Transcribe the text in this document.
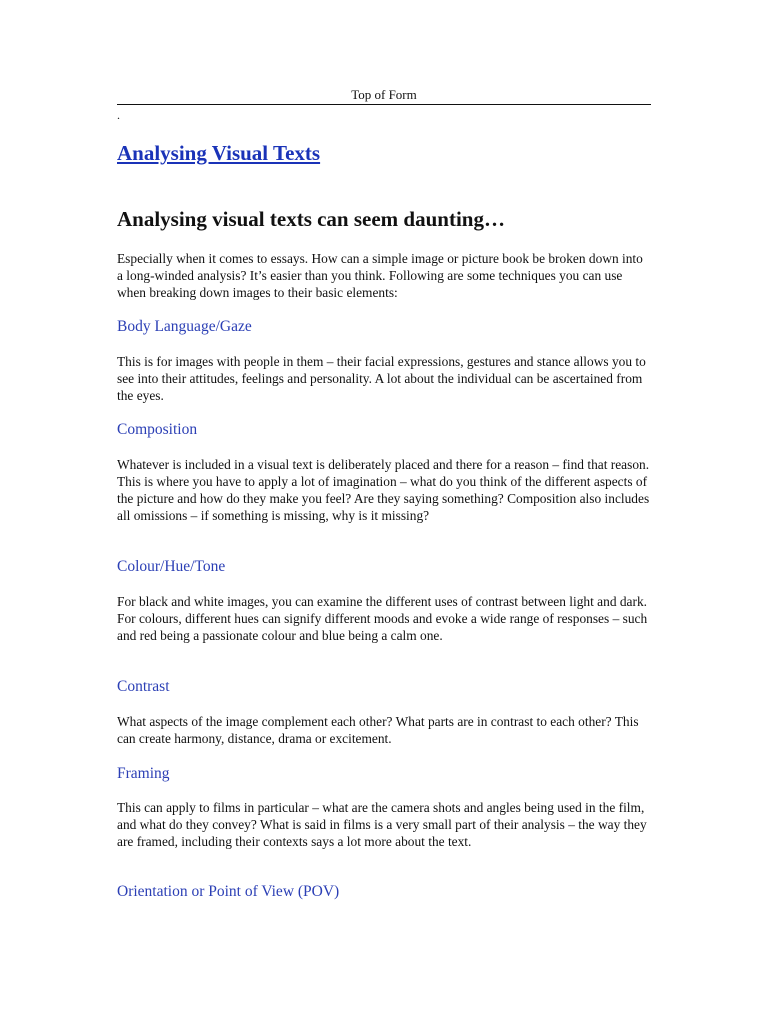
Top of Form
.
Analysing Visual Texts
Analysing visual texts can seem daunting…

Especially when it comes to essays. How can a simple image or picture book be broken down into a long-winded analysis? It’s easier than you think. Following are some techniques you can use when breaking down images to their basic elements:

Body Language/Gaze

This is for images with people in them – their facial expressions, gestures and stance allows you to see into their attitudes, feelings and personality. A lot about the individual can be ascertained from the eyes.

Composition

Whatever is included in a visual text is deliberately placed and there for a reason – find that reason. This is where you have to apply a lot of imagination – what do you think of the different aspects of the picture and how do they make you feel? Are they saying something? Composition also includes all omissions – if something is missing, why is it missing?

Colour/Hue/Tone

For black and white images, you can examine the different uses of contrast between light and dark. For colours, different hues can signify different moods and evoke a wide range of responses – such and red being a passionate colour and blue being a calm one.

Contrast

What aspects of the image complement each other? What parts are in contrast to each other? This can create harmony, distance, drama or excitement.

Framing

This can apply to films in particular – what are the camera shots and angles being used in the film, and what do they convey? What is said in films is a very small part of their analysis – the way they are framed, including their contexts says a lot more about the text.

Orientation or Point of View (POV)
